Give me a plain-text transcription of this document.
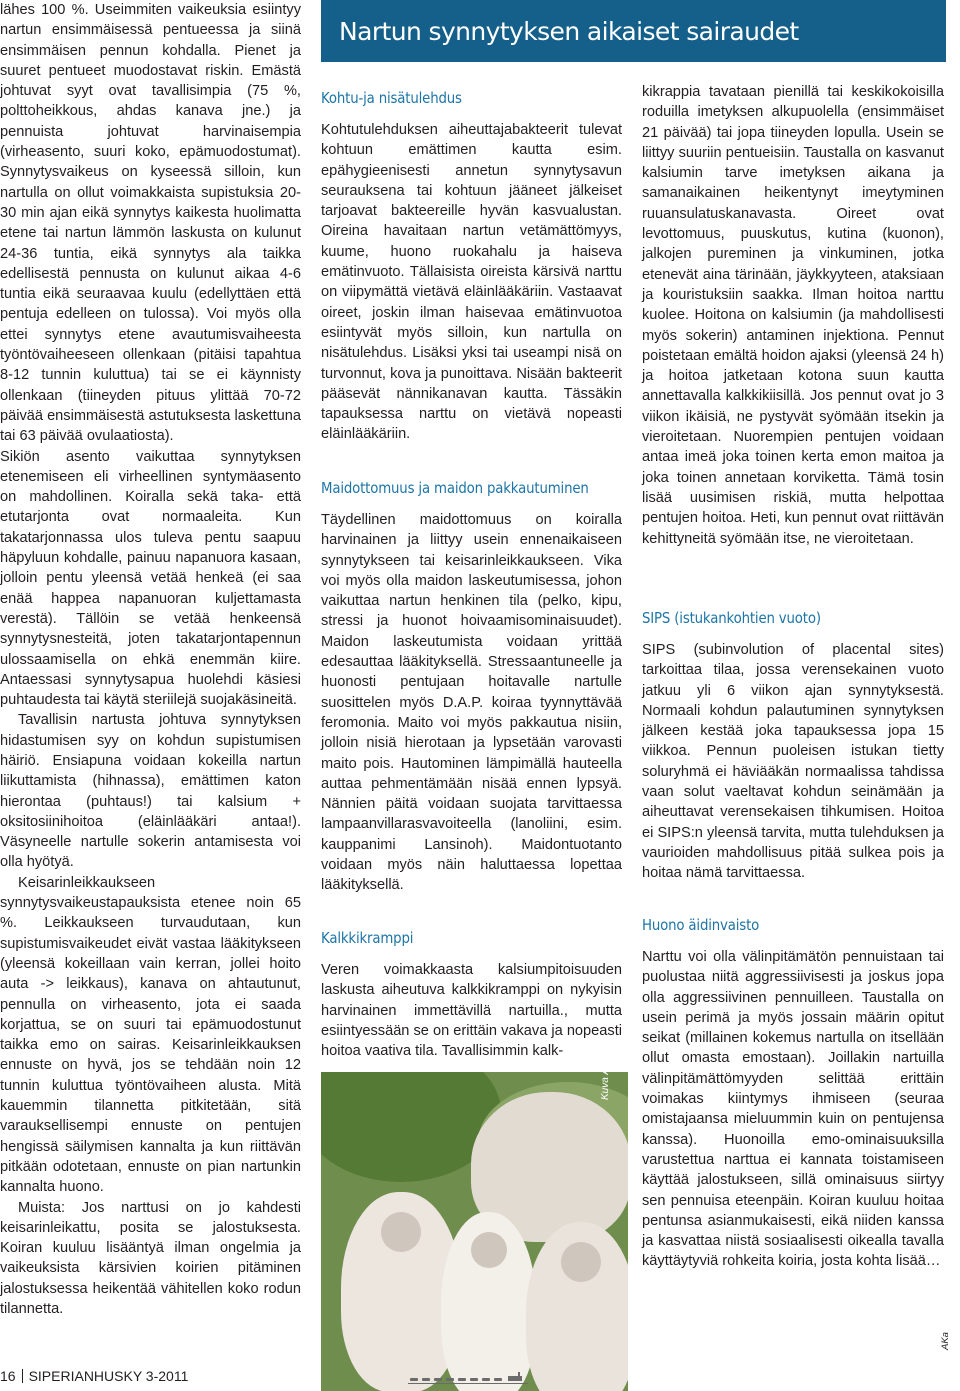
lähes 100 %. Useimmiten vaikeuksia esiintyy nartun ensimmäisessä pentueessa ja siinä ensimmäisen pennun kohdalla. Pienet ja suuret pentueet muodostavat riskin. Emästä johtuvat syyt ovat tavallisimpia (75 %, polttoheikkous, ahdas kanava jne.) ja pennuista johtuvat harvinaisempia (virheasento, suuri koko, epämuodostumat). Synnytysvaikeus on kyseessä silloin, kun nartulla on ollut voimakkaista supistuksia 20-30 min ajan eikä synnytys kaikesta huolimatta etene tai nartun lämmön laskusta on kulunut 24-36 tuntia, eikä synnytys ala taikka edellisestä pennusta on kulunut aikaa 4-6 tuntia eikä seuraavaa kuulu (edellyttäen että pentuja edelleen on tulossa). Voi myös olla ettei synnytys etene avautumisvaiheesta työntövaiheeseen ollenkaan (pitäisi tapahtua 8-12 tunnin kuluttua) tai se ei käynnisty ollenkaan (tiineyden pituus ylittää 70-72 päivää ensimmäisestä astutuksesta laskettuna tai 63 päivää ovulaatiosta).

Sikiön asento vaikuttaa synnytyksen etenemiseen eli virheellinen syntymäasento on mahdollinen. Koiralla sekä taka- että etutarjonta ovat normaaleita. Kun takatarjonnassa ulos tuleva pentu saapuu häpyluun kohdalle, painuu napanuora kasaan, jolloin pentu yleensä vetää henkeä (ei saa enää happea napanuoran kuljettamasta verestä). Tällöin se vetää henkeensä synnytysnesteitä, joten takatarjontapennun ulossaamisella on ehkä enemmän kiire. Antaessasi synnytysapua huolehdi käsiesi puhtaudesta tai käytä steriilejä suojakäsineitä.

Tavallisin nartusta johtuva synnytyksen hidastumisen syy on kohdun supistumisen häiriö. Ensiapuna voidaan kokeilla nartun liikuttamista (hihnassa), emättimen katon hierontaa (puhtaus!) tai kalsium + oksitosiinihoitoa (eläinlääkäri antaa!). Väsyneelle nartulle sokerin antamisesta voi olla hyötyä.

Keisarinleikkaukseen synnytysvaikeustapauksista etenee noin 65 %. Leikkaukseen turvaudutaan, kun supistumisvaikeudet eivät vastaa lääkitykseen (yleensä kokeillaan vain kerran, jollei hoito auta -> leikkaus), kanava on ahtautunut, pennulla on virheasento, jota ei saada korjattua, se on suuri tai epämuodostunut taikka emo on sairas. Keisarinleikkauksen ennuste on hyvä, jos se tehdään noin 12 tunnin kuluttua työntövaiheen alusta. Mitä kauemmin tilannetta pitkitetään, sitä varauksellisempi ennuste on pentujen hengissä säilymisen kannalta ja kun riittävän pitkään odotetaan, ennuste on pian nartunkin kannalta huono.

Muista: Jos narttusi on jo kahdesti keisarinleikattu, posita se jalostuksesta. Koiran kuuluu lisääntyä ilman ongelmia ja vaikeuksista kärsivien koirien pitäminen jalostuksessa heikentää vähitellen koko rodun tilannetta.

Nartun synnytyksen aikaiset sairaudet
Kohtu-ja nisätulehdus

Kohtutulehduksen aiheuttajabakteerit tulevat kohtuun emättimen kautta esim. epähygieenisesti annetun synnytysavun seurauksena tai kohtuun jääneet jälkeiset tarjoavat bakteereille hyvän kasvualustan. Oireina havaitaan nartun vetämättömyys, kuume, huono ruokahalu ja haiseva emätinvuoto. Tällaisista oireista kärsivä narttu on viipymättä vietävä eläinlääkäriin. Vastaavat oireet, joskin ilman haisevaa emätinvuotoa esiintyvät myös silloin, kun nartulla on nisätulehdus. Lisäksi yksi tai useampi nisä on turvonnut, kova ja punoittava. Nisään bakteerit pääsevät nännikanavan kautta. Tässäkin tapauksessa narttu on vietävä nopeasti eläinlääkäriin.

Maidottomuus ja maidon pakkautuminen

Täydellinen maidottomuus on koiralla harvinainen ja liittyy usein ennenaikaiseen synnytykseen tai keisarinleikkaukseen. Vika voi myös olla maidon laskeutumisessa, johon vaikuttaa nartun henkinen tila (pelko, kipu, stressi ja huonot hoivaamisominaisuudet). Maidon laskeutumista voidaan yrittää edesauttaa lääkityksellä. Stressaantuneelle ja huonosti pentujaan hoitavalle nartulle suosittelen myös D.A.P. koiraa tyynnyttävää feromonia. Maito voi myös pakkautua nisiin, jolloin nisiä hierotaan ja lypsetään varovasti maito pois. Hautominen lämpimällä hauteella auttaa pehmentämään nisää ennen lypsyä. Nännien päitä voidaan suojata tarvittaessa lampaanvillarasvavoiteella (lanoliini, esim. kauppanimi Lansinoh). Maidontuotanto voidaan myös näin haluttaessa lopettaa lääkityksellä.

Kalkkikramppi

Veren voimakkaasta kalsiumpitoisuuden laskusta aiheutuva kalkkikramppi on nykyisin harvinainen immettävillä nartuilla., mutta esiintyessään se on erittäin vakava ja nopeasti hoitoa vaativa tila. Tavallisimmin kalk-

Kuva AKa

kikrappia tavataan pienillä tai keskikokoisilla roduilla imetyksen alkupuolella (ensimmäiset 21 päivää) tai jopa tiineyden lopulla. Usein se liittyy suuriin pentueisiin. Taustalla on kasvanut kalsiumin tarve imetyksen aikana ja samanaikainen heikentynyt imeytyminen ruuansulatuskanavasta. Oireet ovat levottomuus, puuskutus, kutina (kuonon), jalkojen pureminen ja vinkuminen, jotka etenevät aina tärinään, jäykkyyteen, ataksiaan ja kouristuksiin saakka. Ilman hoitoa narttu kuolee. Hoitona on kalsiumin (ja mahdollisesti myös sokerin) antaminen injektiona. Pennut poistetaan emältä hoidon ajaksi (yleensä 24 h) ja hoitoa jatketaan kotona suun kautta annettavalla kalkkikiisillä. Jos pennut ovat jo 3 viikon ikäisiä, ne pystyvät syömään itsekin ja vieroitetaan. Nuorempien pentujen voidaan antaa imeä joka toinen kerta emon maitoa ja joka toinen annetaan korviketta. Tämä tosin lisää uusimisen riskiä, mutta helpottaa pentujen hoitoa. Heti, kun pennut ovat riittävän kehittyneitä syömään itse, ne vieroitetaan.

SIPS (istukankohtien vuoto)

SIPS (subinvolution of placental sites) tarkoittaa tilaa, jossa verensekainen vuoto jatkuu yli 6 viikon ajan synnytyksestä. Normaali kohdun palautuminen synnytyksen jälkeen kestää joka tapauksessa jopa 15 viikkoa. Pennun puoleisen istukan tietty soluryhmä ei häviääkän normaalissa tahdissa vaan solut vaeltavat kohdun seinämään ja aiheuttavat verensekaisen tihkumisen. Hoitoa ei SIPS:n yleensä tarvita, mutta tulehduksen ja vaurioiden mahdollisuus pitää sulkea pois ja hoitaa nämä tarvittaessa.

Huono äidinvaisto

Narttu voi olla välinpitämätön pennuistaan tai puolustaa niitä aggressiivisesti ja joskus jopa olla aggressiivinen pennuilleen. Taustalla on usein perimä ja myös jossain määrin opitut seikat (millainen kokemus nartulla on itsellään ollut omasta emostaan). Joillakin nartuilla välinpitämättömyyden selittää erittäin voimakas kiintymys ihmiseen (seuraa omistajaansa mieluummin kuin on pentujensa kanssa). Huonoilla emo-ominaisuuksilla varustettua narttua ei kannata toistamiseen käyttää jalostukseen, sillä ominaisuus siirtyy sen pennuisa eteenpäin. Koiran kuuluu hoitaa pentunsa asianmukaisesti, eikä niiden kanssa ja kasvattaa niistä sosiaalisesti oikealla tavalla käyttäytyviä rohkeita koiria, josta kohta lisää…

AKa
16 SIPERIANHUSKY 3-2011
